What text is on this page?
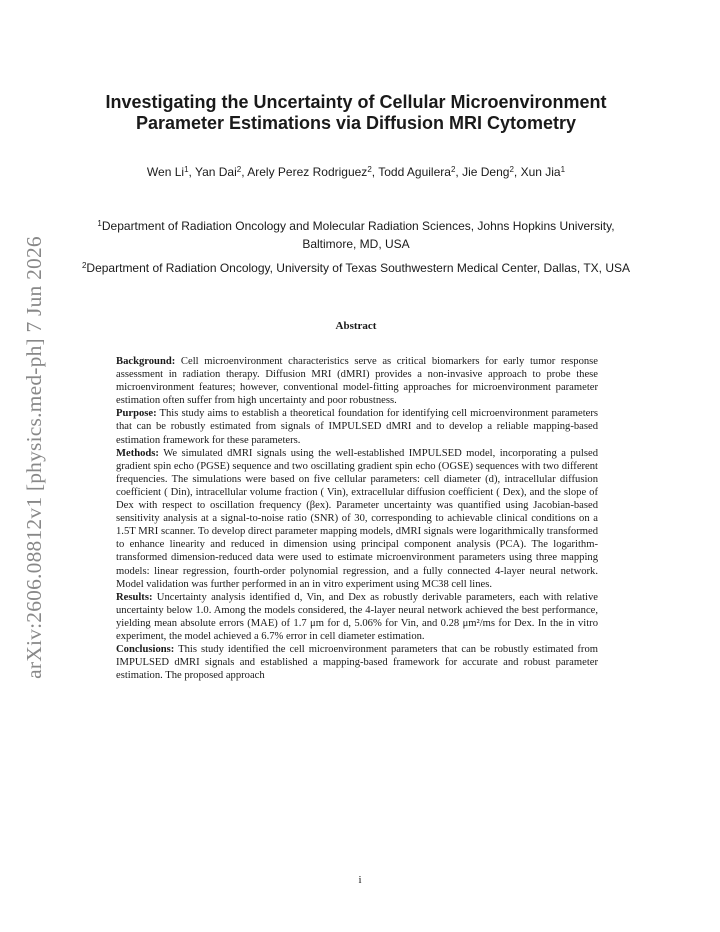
arXiv:2606.08812v1 [physics.med-ph] 7 Jun 2026
Investigating the Uncertainty of Cellular Microenvironment
Parameter Estimations via Diffusion MRI Cytometry
Wen Li$^1$, Yan Dai$^2$, Arely Perez Rodriguez$^2$, Todd Aguilera$^2$, Jie Deng$^2$, Xun Jia$^1$
$^1$Department of Radiation Oncology and Molecular Radiation Sciences, Johns Hopkins University, Baltimore, MD, USA
$^2$Department of Radiation Oncology, University of Texas Southwestern Medical Center, Dallas, TX, USA
Abstract

Background: Cell microenvironment characteristics serve as critical biomarkers for early tumor response assessment in radiation therapy. Diffusion MRI (dMRI) provides a non-invasive approach to probe these microenvironment features; however, conventional model-fitting approaches for microenvironment parameter estimation often suffer from high uncertainty and poor robustness.

Purpose: This study aims to establish a theoretical foundation for identifying cell microenvironment parameters that can be robustly estimated from signals of IMPULSED dMRI and to develop a reliable mapping-based estimation framework for these parameters.

Methods: We simulated dMRI signals using the well-established IMPULSED model, incorporating a pulsed gradient spin echo (PGSE) sequence and two oscillating gradient spin echo (OGSE) sequences with two different frequencies. The simulations were based on five cellular parameters: cell diameter (d), intracellular diffusion coefficient ( Din), intracellular volume fraction ( Vin), extracellular diffusion coefficient ( Dex), and the slope of Dex with respect to oscillation frequency (βex). Parameter uncertainty was quantified using Jacobian-based sensitivity analysis at a signal-to-noise ratio (SNR) of 30, corresponding to achievable clinical conditions on a 1.5T MRI scanner. To develop direct parameter mapping models, dMRI signals were logarithmically transformed to enhance linearity and reduced in dimension using principal component analysis (PCA). The logarithm-transformed dimension-reduced data were used to estimate microenvironment parameters using three mapping models: linear regression, fourth-order polynomial regression, and a fully connected 4-layer neural network. Model validation was further performed in an in vitro experiment using MC38 cell lines.

Results: Uncertainty analysis identified d, Vin, and Dex as robustly derivable parameters, each with relative uncertainty below 1.0. Among the models considered, the 4-layer neural network achieved the best performance, yielding mean absolute errors (MAE) of 1.7 μm for d, 5.06% for Vin, and 0.28 μm²/ms for Dex. In the in vitro experiment, the model achieved a 6.7% error in cell diameter estimation.

Conclusions: This study identified the cell microenvironment parameters that can be robustly estimated from IMPULSED dMRI signals and established a mapping-based framework for accurate and robust parameter estimation. The proposed approach

i
